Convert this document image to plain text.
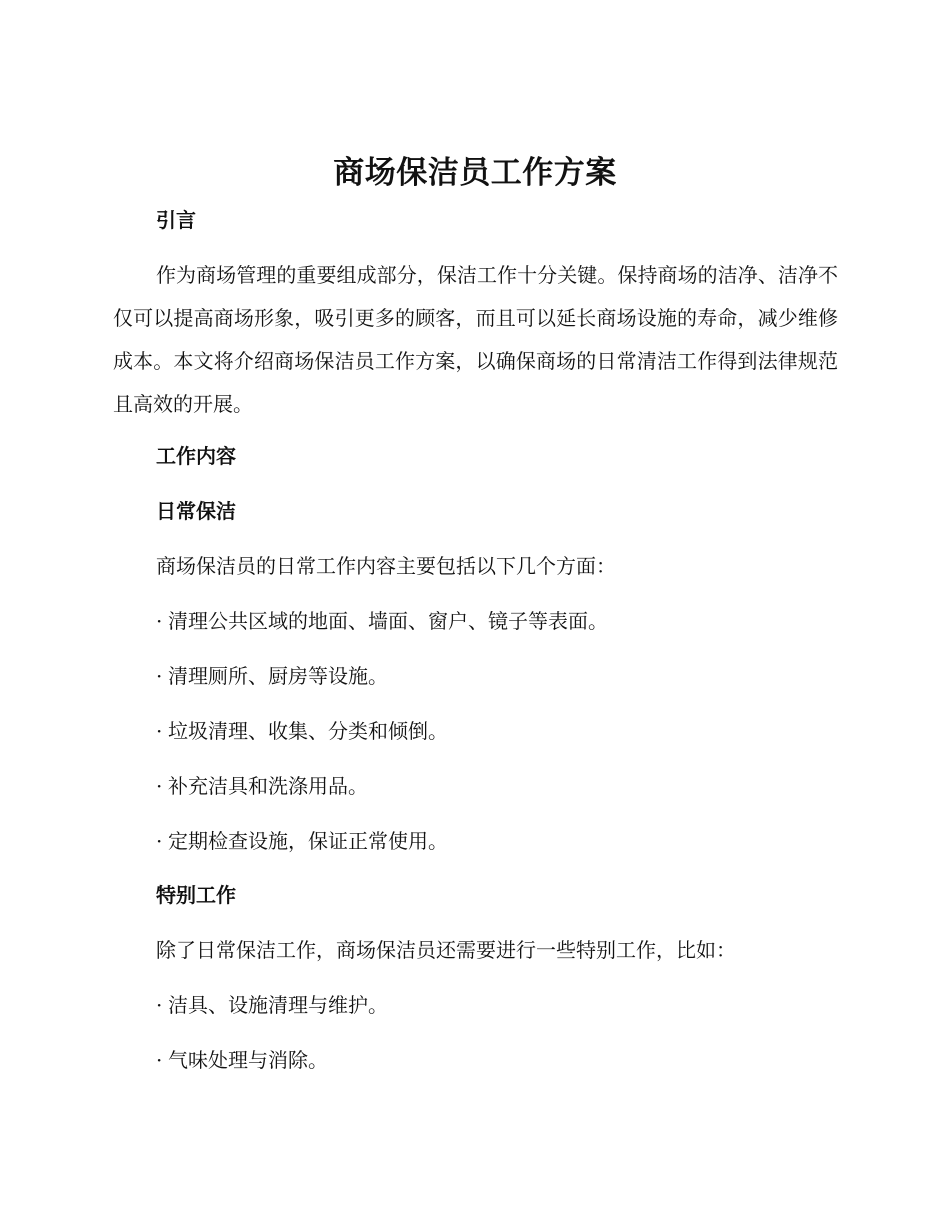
商场保洁员工作方案
引言
作为商场管理的重要组成部分，保洁工作十分关键。保持商场的洁净、洁净不仅可以提高商场形象，吸引更多的顾客，而且可以延长商场设施的寿命，减少维修成本。本文将介绍商场保洁员工作方案，以确保商场的日常清洁工作得到法律规范且高效的开展。
工作内容
日常保洁
商场保洁员的日常工作内容主要包括以下几个方面：
· 清理公共区域的地面、墙面、窗户、镜子等表面。
· 清理厕所、厨房等设施。
· 垃圾清理、收集、分类和倾倒。
· 补充洁具和洗涤用品。
· 定期检查设施，保证正常使用。
特别工作
除了日常保洁工作，商场保洁员还需要进行一些特别工作，比如：
· 洁具、设施清理与维护。
· 气味处理与消除。
